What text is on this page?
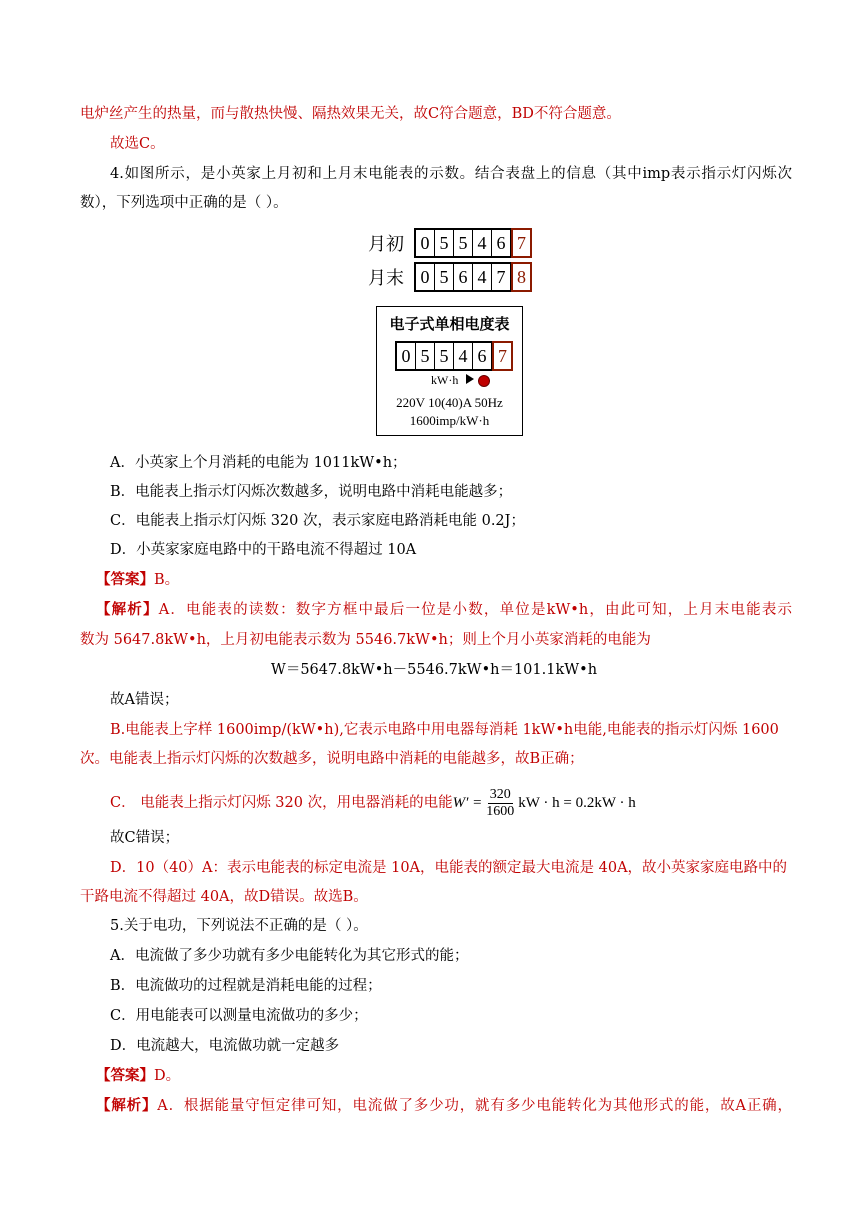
电炉丝产生的热量，而与散热快慢、隔热效果无关，故C符合题意，BD不符合题意。
故选C。
4.如图所示，是小英家上月初和上月末电能表的示数。结合表盘上的信息（其中imp表示指示灯闪烁次
数），下列选项中正确的是（ ）。
月初 0 5 5 4 6 7
月末 0 5 6 4 7 8
电子式单相电度表
0 5 5 4 6 7
kW·h
220V 10(40)A 50Hz
1600imp/kW·h
A．小英家上个月消耗的电能为 1011kW•h；
B．电能表上指示灯闪烁次数越多，说明电路中消耗电能越多；
C．电能表上指示灯闪烁 320 次，表示家庭电路消耗电能 0.2J；
D．小英家家庭电路中的干路电流不得超过 10A
【答案】B。
【解析】A．电能表的读数：数字方框中最后一位是小数，单位是kW•h，由此可知，上月末电能表示
数为 5647.8kW•h，上月初电能表示数为 5546.7kW•h；则上个月小英家消耗的电能为
W＝5647.8kW•h－5546.7kW•h＝101.1kW•h
故A错误；
B.电能表上字样 1600imp/(kW•h),它表示电路中用电器每消耗 1kW•h电能,电能表的指示灯闪烁 1600
次。电能表上指示灯闪烁的次数越多，说明电路中消耗的电能越多，故B正确；
C． 电能表上指示灯闪烁 320 次，用电器消耗的电能 $W' = \frac{320}{1600}$ kW · h = 0.2kW · h
故C错误；
D．10（40）A：表示电能表的标定电流是 10A，电能表的额定最大电流是 40A，故小英家家庭电路中的
干路电流不得超过 40A，故D错误。故选B。
5.关于电功，下列说法不正确的是（ ）。
A．电流做了多少功就有多少电能转化为其它形式的能；
B．电流做功的过程就是消耗电能的过程；
C．用电能表可以测量电流做功的多少；
D．电流越大，电流做功就一定越多
【答案】D。
【解析】A．根据能量守恒定律可知，电流做了多少功，就有多少电能转化为其他形式的能，故A正确，
